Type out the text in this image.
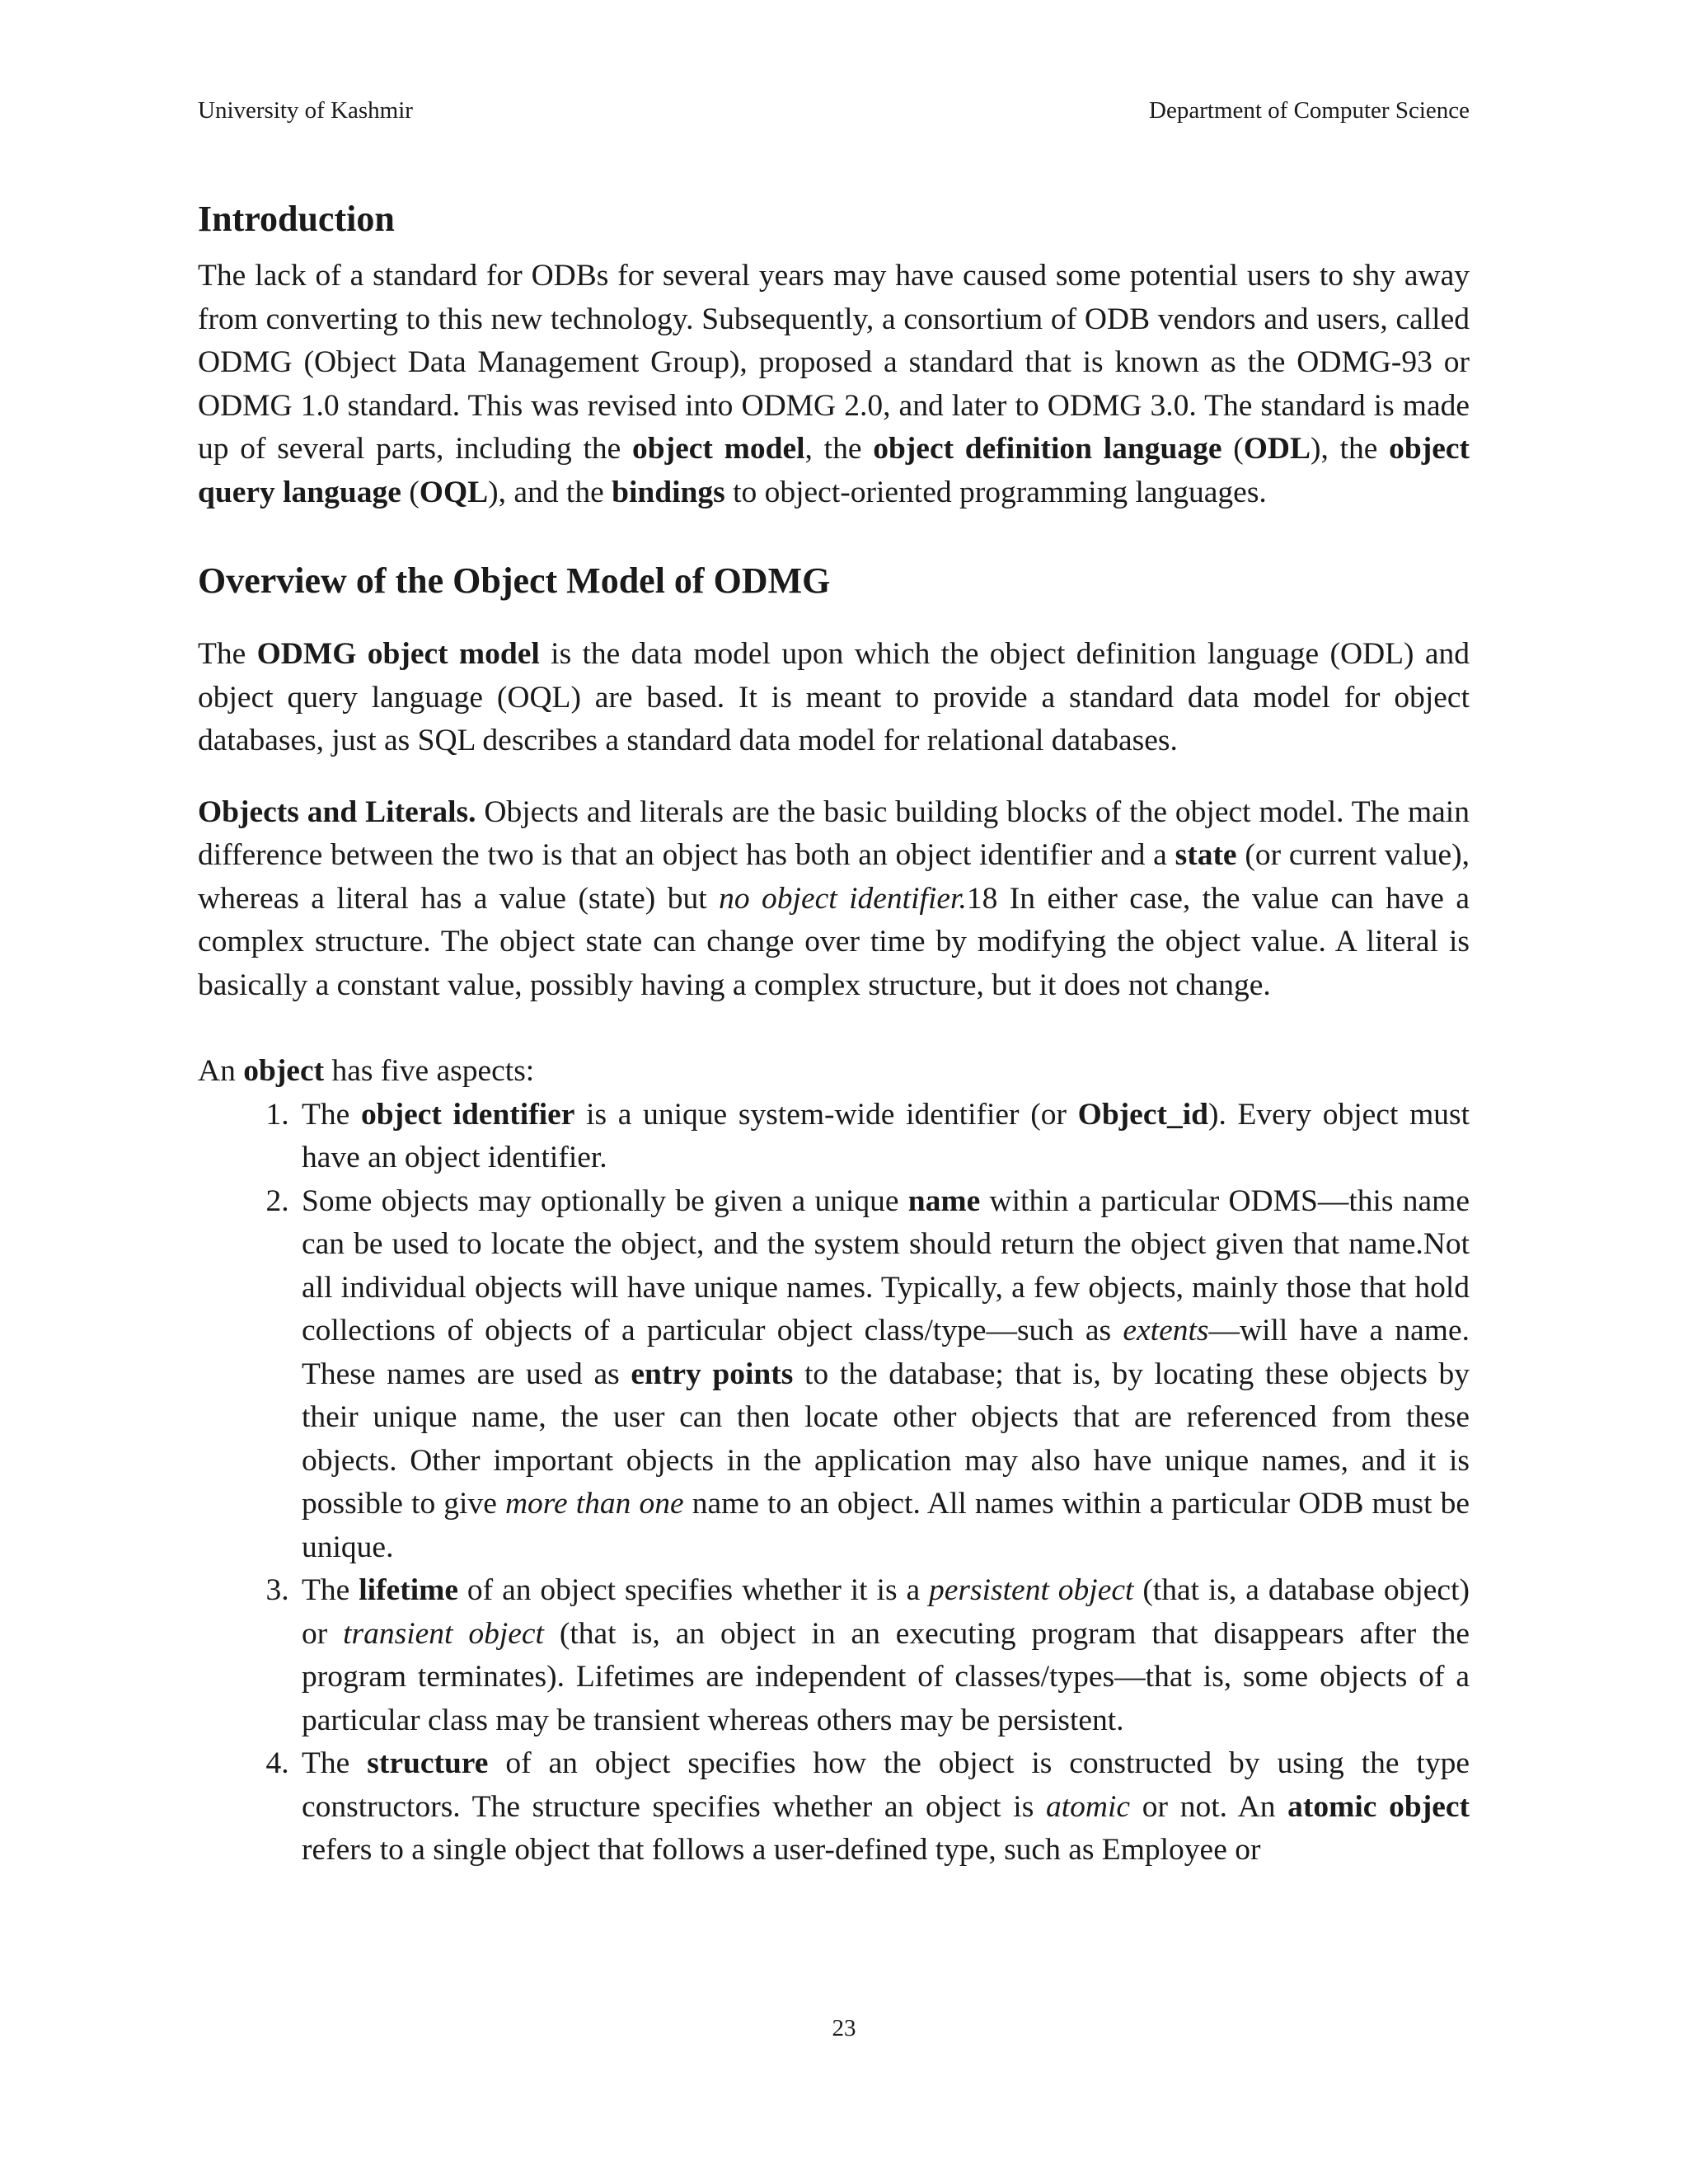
University of Kashmir	Department of Computer Science
Introduction

The lack of a standard for ODBs for several years may have caused some potential users to shy away from converting to this new technology. Subsequently, a consortium of ODB vendors and users, called ODMG (Object Data Management Group), proposed a standard that is known as the ODMG-93 or ODMG 1.0 standard. This was revised into ODMG 2.0, and later to ODMG 3.0. The standard is made up of several parts, including the object model, the object definition language (ODL), the object query language (OQL), and the bindings to object-oriented programming languages.

Overview of the Object Model of ODMG

The ODMG object model is the data model upon which the object definition language (ODL) and object query language (OQL) are based. It is meant to provide a standard data model for object databases, just as SQL describes a standard data model for relational databases.

Objects and Literals. Objects and literals are the basic building blocks of the object model. The main difference between the two is that an object has both an object identifier and a state (or current value), whereas a literal has a value (state) but no object identifier.18 In either case, the value can have a complex structure. The object state can change over time by modifying the object value. A literal is basically a constant value, possibly having a complex structure, but it does not change.

An object has five aspects:

1. The object identifier is a unique system-wide identifier (or Object_id). Every object must have an object identifier.
2. Some objects may optionally be given a unique name within a particular ODMS—this name can be used to locate the object, and the system should return the object given that name.Not all individual objects will have unique names. Typically, a few objects, mainly those that hold collections of objects of a particular object class/type—such as extents—will have a name. These names are used as entry points to the database; that is, by locating these objects by their unique name, the user can then locate other objects that are referenced from these objects. Other important objects in the application may also have unique names, and it is possible to give more than one name to an object. All names within a particular ODB must be unique.
3. The lifetime of an object specifies whether it is a persistent object (that is, a database object) or transient object (that is, an object in an executing program that disappears after the program terminates). Lifetimes are independent of classes/types—that is, some objects of a particular class may be transient whereas others may be persistent.
4. The structure of an object specifies how the object is constructed by using the type constructors. The structure specifies whether an object is atomic or not. An atomic object refers to a single object that follows a user-defined type, such as Employee or
23
